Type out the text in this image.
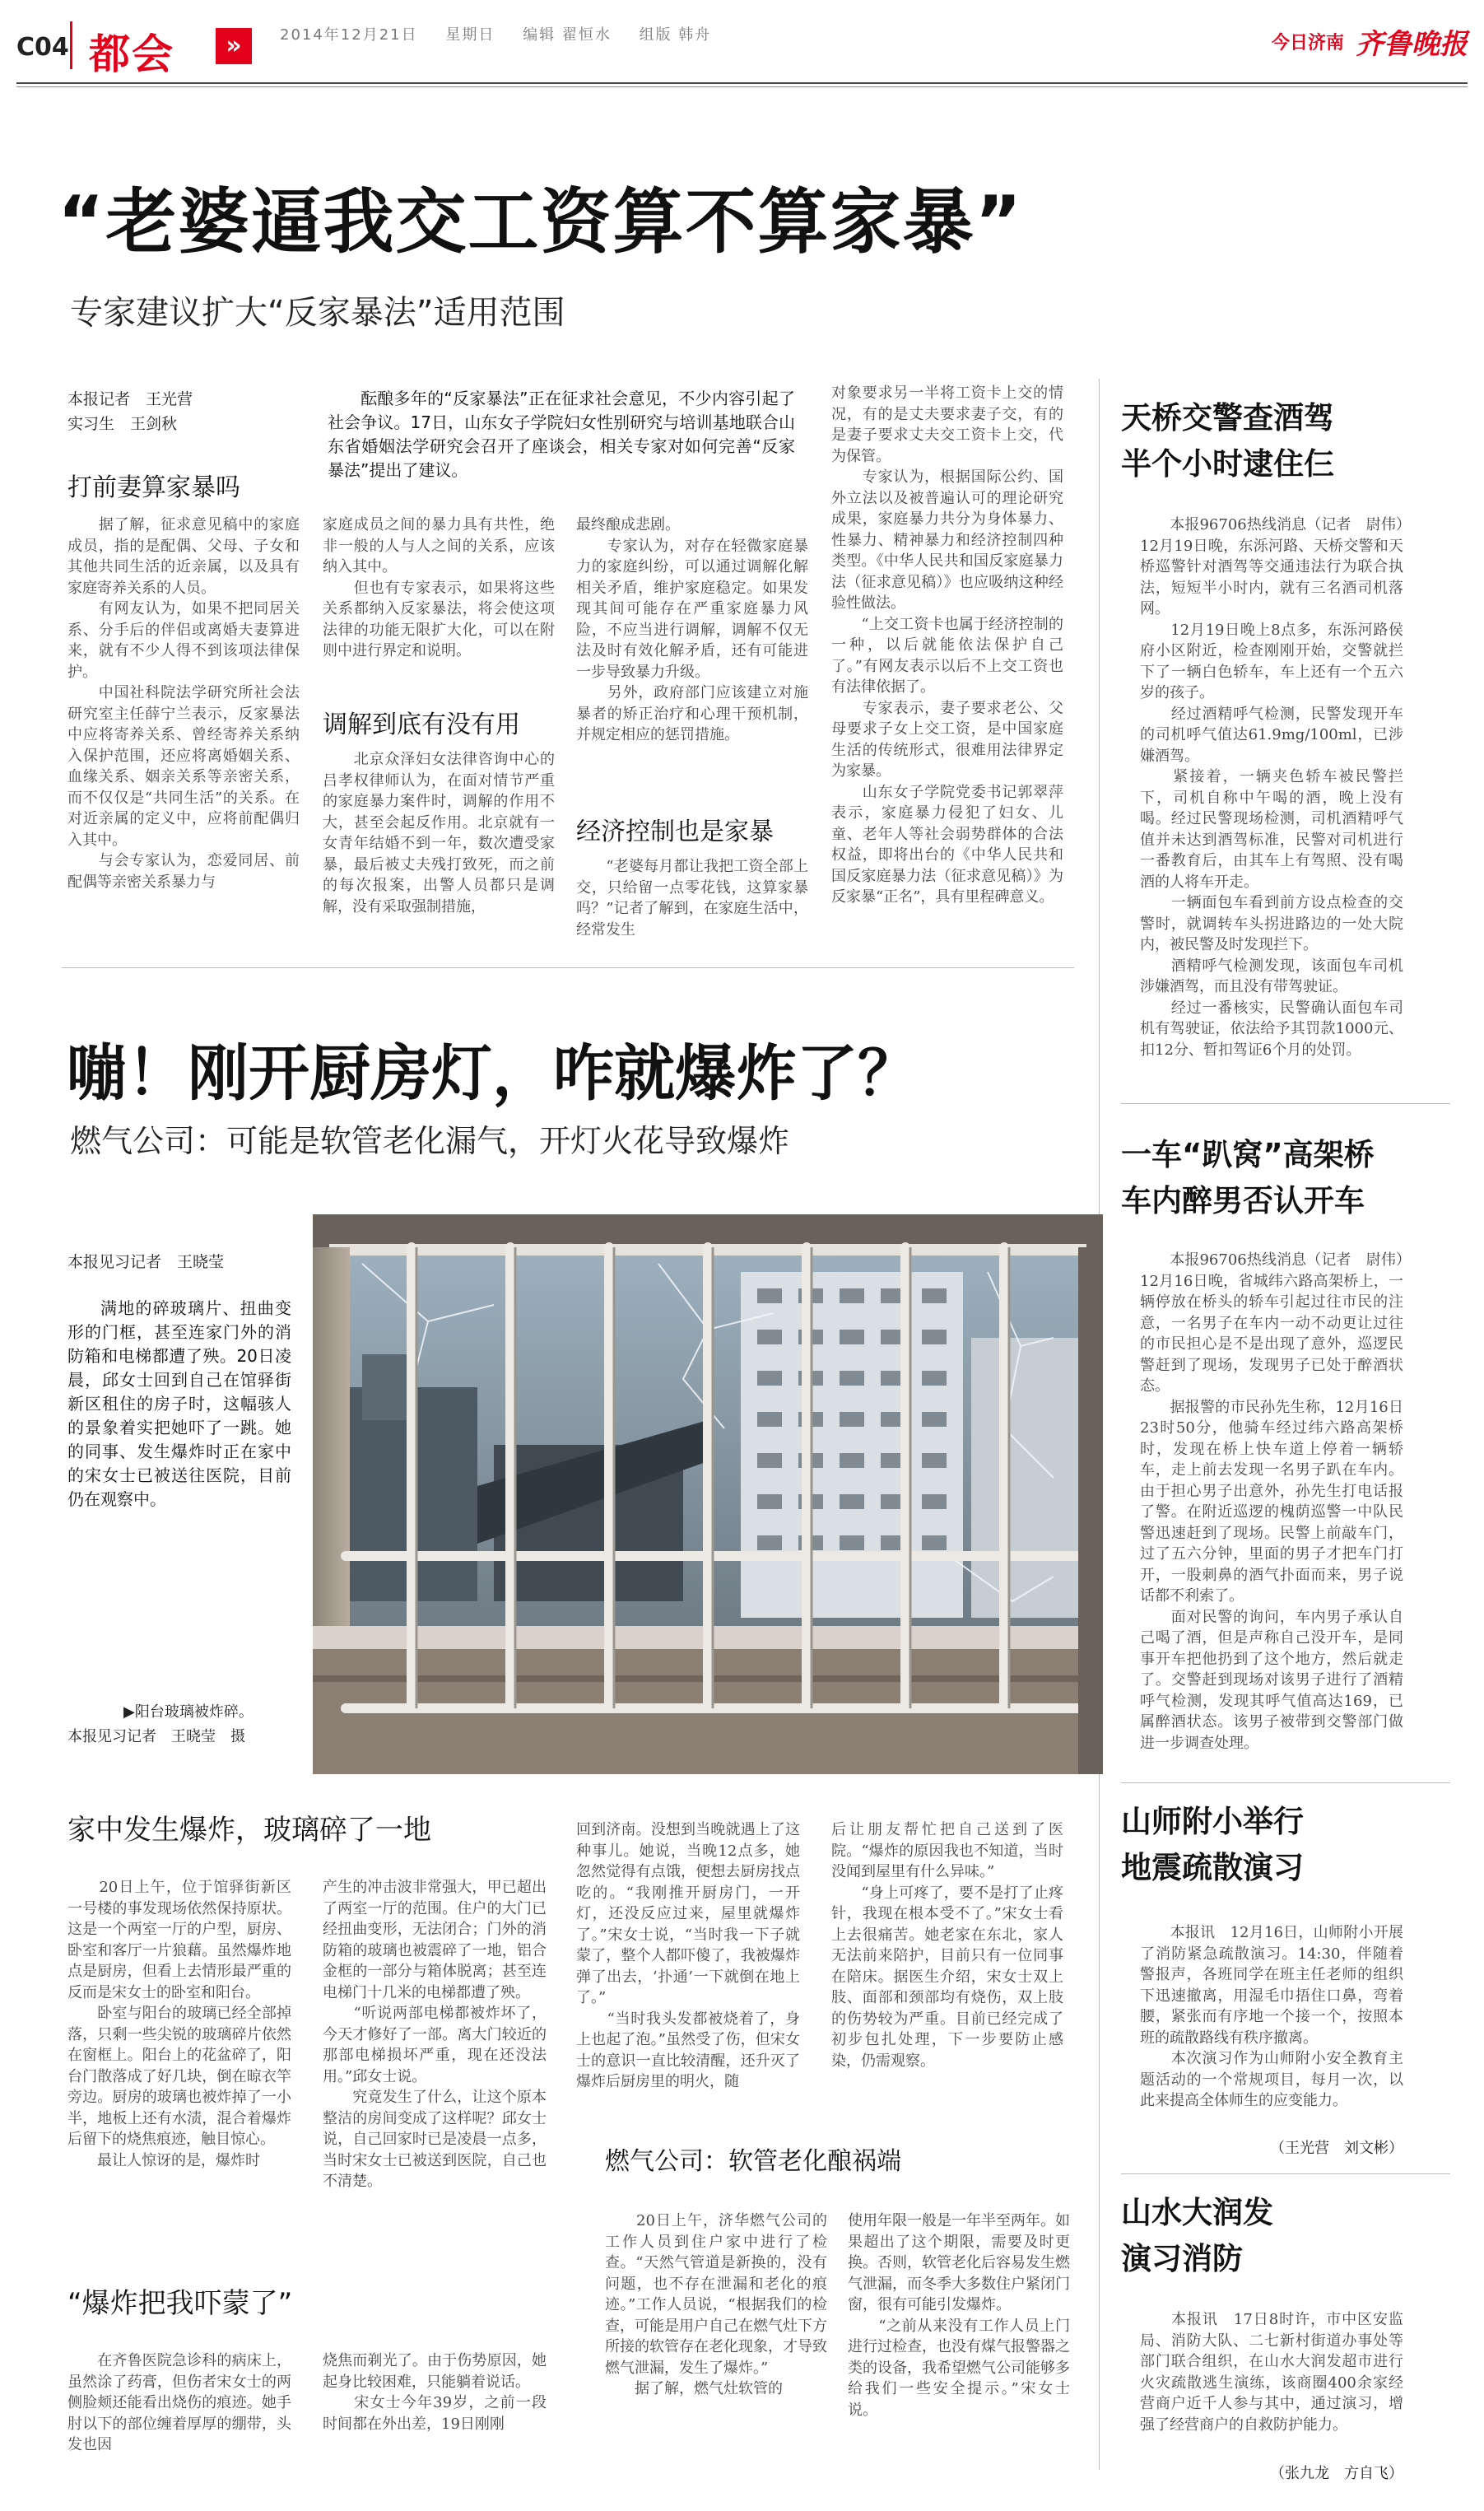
C04 都会	»	2014年12月21日 星期日 编辑 翟恒水 组版 韩舟	今日济南 齐鲁晚报
“老婆逼我交工资算不算家暴”
专家建议扩大“反家暴法”适用范围
本报记者　王光营
实习生　王剑秋
酝酿多年的“反家暴法”正在征求社会意见，不少内容引起了社会争议。17日，山东女子学院妇女性别研究与培训基地联合山东省婚姻法学研究会召开了座谈会，相关专家对如何完善“反家暴法”提出了建议。
打前妻算家暴吗
　　据了解，征求意见稿中的家庭成员，指的是配偶、父母、子女和其他共同生活的近亲属，以及具有家庭寄养关系的人员。
　　有网友认为，如果不把同居关系、分手后的伴侣或离婚夫妻算进来，就有不少人得不到该项法律保护。
　　中国社科院法学研究所社会法研究室主任薛宁兰表示，反家暴法中应将寄养关系、曾经寄养关系纳入保护范围，还应将离婚姻关系、血缘关系、姻亲关系等亲密关系，而不仅仅是“共同生活”的关系。在对近亲属的定义中，应将前配偶归入其中。
　　与会专家认为，恋爱同居、前配偶等亲密关系暴力与
家庭成员之间的暴力具有共性，绝非一般的人与人之间的关系，应该纳入其中。
　　但也有专家表示，如果将这些关系都纳入反家暴法，将会使这项法律的功能无限扩大化，可以在附则中进行界定和说明。
调解到底有没有用
　　北京众泽妇女法律咨询中心的吕孝权律师认为，在面对情节严重的家庭暴力案件时，调解的作用不大，甚至会起反作用。北京就有一女青年结婚不到一年，数次遭受家暴，最后被丈夫残打致死，而之前的每次报案，出警人员都只是调解，没有采取强制措施，
最终酿成悲剧。
　　专家认为，对存在轻微家庭暴力的家庭纠纷，可以通过调解化解相关矛盾，维护家庭稳定。如果发现其间可能存在严重家庭暴力风险，不应当进行调解，调解不仅无法及时有效化解矛盾，还有可能进一步导致暴力升级。
　　另外，政府部门应该建立对施暴者的矫正治疗和心理干预机制，并规定相应的惩罚措施。
经济控制也是家暴
　　“老婆每月都让我把工资全部上交，只给留一点零花钱，这算家暴吗？”记者了解到，在家庭生活中，经常发生
对象要求另一半将工资卡上交的情况，有的是丈夫要求妻子交，有的是妻子要求丈夫交工资卡上交，代为保管。
　　专家认为，根据国际公约、国外立法以及被普遍认可的理论研究成果，家庭暴力共分为身体暴力、性暴力、精神暴力和经济控制四种类型。《中华人民共和国反家庭暴力法（征求意见稿）》也应吸纳这种经验性做法。
　　“上交工资卡也属于经济控制的一种，以后就能依法保护自己了。”有网友表示以后不上交工资也有法律依据了。
　　专家表示，妻子要求老公、父母要求子女上交工资，是中国家庭生活的传统形式，很难用法律界定为家暴。
　　山东女子学院党委书记郭翠萍表示，家庭暴力侵犯了妇女、儿童、老年人等社会弱势群体的合法权益，即将出台的《中华人民共和国反家庭暴力法（征求意见稿）》为反家暴“正名”，具有里程碑意义。
嘣！刚开厨房灯，咋就爆炸了？
燃气公司：可能是软管老化漏气，开灯火花导致爆炸
本报见习记者　王晓莹
满地的碎玻璃片、扭曲变形的门框，甚至连家门外的消防箱和电梯都遭了殃。20日凌晨，邱女士回到自己在馆驿街新区租住的房子时，这幅骇人的景象着实把她吓了一跳。她的同事、发生爆炸时正在家中的宋女士已被送往医院，目前仍在观察中。
▶阳台玻璃被炸碎。
本报见习记者　王晓莹　摄
家中发生爆炸，玻璃碎了一地
　　20日上午，位于馆驿街新区一号楼的事发现场依然保持原状。这是一个两室一厅的户型，厨房、卧室和客厅一片狼藉。虽然爆炸地点是厨房，但看上去情形最严重的反而是宋女士的卧室和阳台。
　　卧室与阳台的玻璃已经全部掉落，只剩一些尖锐的玻璃碎片依然在窗框上。阳台上的花盆碎了，阳台门散落成了好几块，倒在晾衣竿旁边。厨房的玻璃也被炸掉了一小半，地板上还有水渍，混合着爆炸后留下的烧焦痕迹，触目惊心。
　　最让人惊讶的是，爆炸时
“爆炸把我吓蒙了”
　　在齐鲁医院急诊科的病床上，虽然涂了药膏，但伤者宋女士的两侧脸颊还能看出烧伤的痕迹。她手肘以下的部位缠着厚厚的绷带，头发也因
产生的冲击波非常强大，甲已超出了两室一厅的范围。住户的大门已经扭曲变形，无法闭合；门外的消防箱的玻璃也被震碎了一地，铝合金框的一部分与箱体脱离；甚至连电梯门十几米的电梯都遭了殃。
　　“听说两部电梯都被炸坏了，今天才修好了一部。离大门较近的那部电梯损坏严重，现在还没法用。”邱女士说。
　　究竟发生了什么，让这个原本整洁的房间变成了这样呢？邱女士说，自己回家时已是凌晨一点多，当时宋女士已被送到医院，自己也不清楚。
烧焦而剃光了。由于伤势原因，她起身比较困难，只能躺着说话。
　　宋女士今年39岁，之前一段时间都在外出差，19日刚刚
回到济南。没想到当晚就遇上了这种事儿。她说，当晚12点多，她忽然觉得有点饿，便想去厨房找点吃的。“我刚推开厨房门，一开灯，还没反应过来，屋里就爆炸了。”宋女士说，“当时我一下子就蒙了，整个人都吓傻了，我被爆炸弹了出去，‘扑通’一下就倒在地上了。”
　　“当时我头发都被烧着了，身上也起了泡。”虽然受了伤，但宋女士的意识一直比较清醒，还升灭了爆炸后厨房里的明火，随
燃气公司：软管老化酿祸端
　　20日上午，济华燃气公司的工作人员到住户家中进行了检查。“天然气管道是新换的，没有问题，也不存在泄漏和老化的痕迹。”工作人员说，“根据我们的检查，可能是用户自己在燃气灶下方所接的软管存在老化现象，才导致燃气泄漏，发生了爆炸。”
　　据了解，燃气灶软管的
后让朋友帮忙把自己送到了医院。“爆炸的原因我也不知道，当时没闻到屋里有什么异味。”
　　“身上可疼了，要不是打了止疼针，我现在根本受不了。”宋女士看上去很痛苦。她老家在东北，家人无法前来陪护，目前只有一位同事在陪床。据医生介绍，宋女士双上肢、面部和颈部均有烧伤，双上肢的伤势较为严重。目前已经完成了初步包扎处理，下一步要防止感染，仍需观察。
使用年限一般是一年半至两年。如果超出了这个期限，需要及时更换。否则，软管老化后容易发生燃气泄漏，而冬季大多数住户紧闭门窗，很有可能引发爆炸。
　　“之前从来没有工作人员上门进行过检查，也没有煤气报警器之类的设备，我希望燃气公司能够多给我们一些安全提示。”宋女士说。
天桥交警查酒驾
半个小时逮住仨
　　本报96706热线消息（记者　尉伟）　12月19日晚，东泺河路、天桥交警和天桥巡警针对酒驾等交通违法行为联合执法，短短半小时内，就有三名酒司机落网。
　　12月19日晚上8点多，东泺河路侯府小区附近，检查刚刚开始，交警就拦下了一辆白色轿车，车上还有一个五六岁的孩子。
　　经过酒精呼气检测，民警发现开车的司机呼气值达61.9mg/100ml，已涉嫌酒驾。
　　紧接着，一辆夹色轿车被民警拦下，司机自称中午喝的酒，晚上没有喝。经过民警现场检测，司机酒精呼气值并未达到酒驾标准，民警对司机进行一番教育后，由其车上有驾照、没有喝酒的人将车开走。
　　一辆面包车看到前方设点检查的交警时，就调转车头拐进路边的一处大院内，被民警及时发现拦下。
　　酒精呼气检测发现，该面包车司机涉嫌酒驾，而且没有带驾驶证。
　　经过一番核实，民警确认面包车司机有驾驶证，依法给予其罚款1000元、扣12分、暂扣驾证6个月的处罚。
一车“趴窝”高架桥
车内醉男否认开车
　　本报96706热线消息（记者　尉伟）　12月16日晚，省城纬六路高架桥上，一辆停放在桥头的轿车引起过往市民的注意，一名男子在车内一动不动更让过往的市民担心是不是出现了意外，巡逻民警赶到了现场，发现男子已处于醉酒状态。
　　据报警的市民孙先生称，12月16日23时50分，他骑车经过纬六路高架桥时，发现在桥上快车道上停着一辆轿车，走上前去发现一名男子趴在车内。由于担心男子出意外，孙先生打电话报了警。在附近巡逻的槐荫巡警一中队民警迅速赶到了现场。民警上前敲车门，过了五六分钟，里面的男子才把车门打开，一股刺鼻的酒气扑面而来，男子说话都不利索了。
　　面对民警的询问，车内男子承认自己喝了酒，但是声称自己没开车，是同事开车把他扔到了这个地方，然后就走了。交警赶到现场对该男子进行了酒精呼气检测，发现其呼气值高达169，已属醉酒状态。该男子被带到交警部门做进一步调查处理。
山师附小举行
地震疏散演习
　　本报讯　12月16日，山师附小开展了消防紧急疏散演习。14:30，伴随着警报声，各班同学在班主任老师的组织下迅速撤离，用湿毛巾捂住口鼻，弯着腰，紧张而有序地一个接一个，按照本班的疏散路线有秩序撤离。
　　本次演习作为山师附小安全教育主题活动的一个常规项目，每月一次，以此来提高全体师生的应变能力。
（王光营　刘文彬）
山水大润发
演习消防
　　本报讯　17日8时许，市中区安监局、消防大队、二七新村街道办事处等部门联合组织，在山水大润发超市进行火灾疏散逃生演练，该商圈400余家经营商户近千人参与其中，通过演习，增强了经营商户的自救防护能力。
（张九龙　方自飞）
